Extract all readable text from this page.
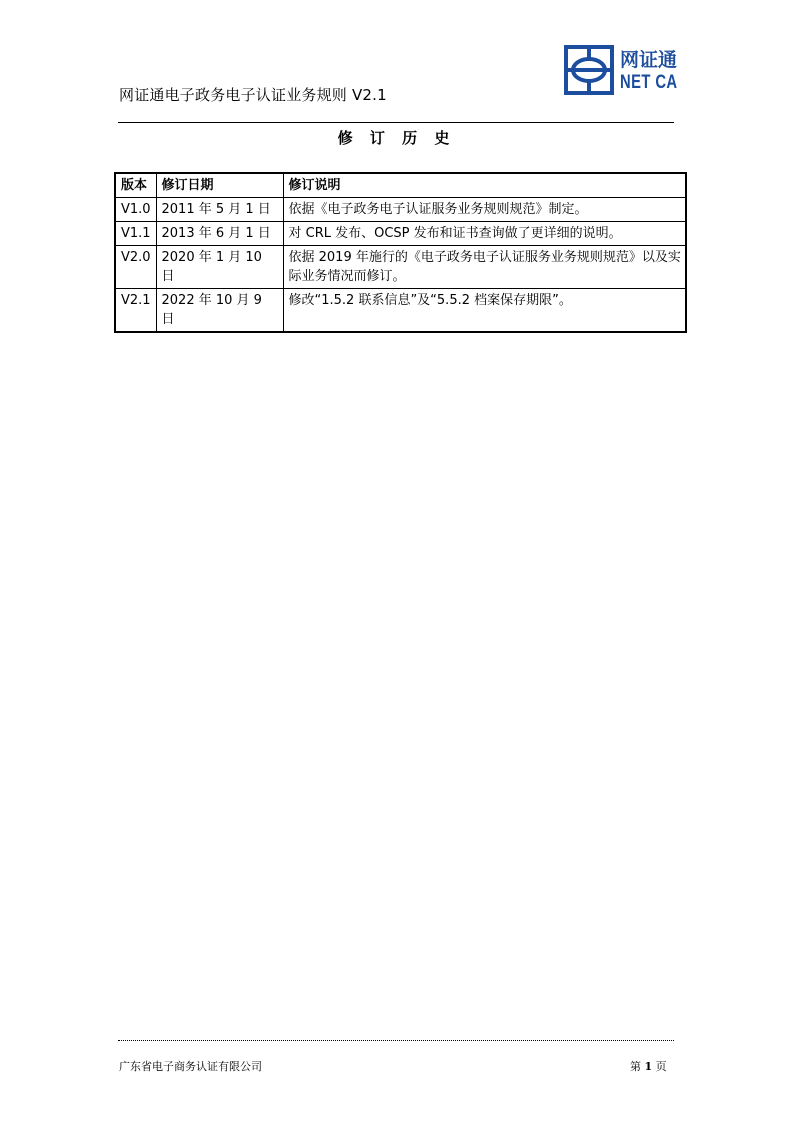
网证通电子政务电子认证业务规则 V2.1
网证通
NET CA
修 订 历 史
版本	修订日期	修订说明
V1.0	2011 年 5 月 1 日	依据《电子政务电子认证服务业务规则规范》制定。
V1.1	2013 年 6 月 1 日	对 CRL 发布、OCSP 发布和证书查询做了更详细的说明。
V2.0	2020 年 1 月 10 日	依据 2019 年施行的《电子政务电子认证服务业务规则规范》以及实际业务情况而修订。
V2.1	2022 年 10 月 9 日	修改“1.5.2 联系信息”及“5.5.2 档案保存期限”。
广东省电子商务认证有限公司	第 1 页
